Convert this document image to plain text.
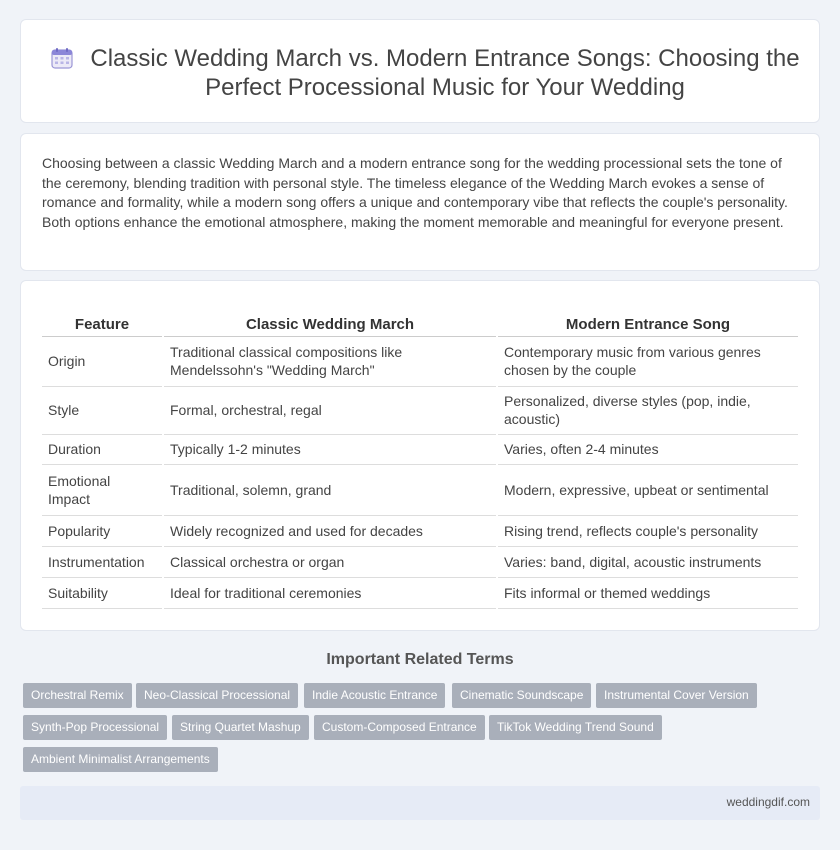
Classic Wedding March vs. Modern Entrance Songs: Choosing the Perfect Processional Music for Your Wedding

Choosing between a classic Wedding March and a modern entrance song for the wedding processional sets the tone of the ceremony, blending tradition with personal style. The timeless elegance of the Wedding March evokes a sense of romance and formality, while a modern song offers a unique and contemporary vibe that reflects the couple's personality. Both options enhance the emotional atmosphere, making the moment memorable and meaningful for everyone present.

Feature	Classic Wedding March	Modern Entrance Song
Origin	Traditional classical compositions like Mendelssohn's "Wedding March"	Contemporary music from various genres chosen by the couple
Style	Formal, orchestral, regal	Personalized, diverse styles (pop, indie, acoustic)
Duration	Typically 1-2 minutes	Varies, often 2-4 minutes
Emotional Impact	Traditional, solemn, grand	Modern, expressive, upbeat or sentimental
Popularity	Widely recognized and used for decades	Rising trend, reflects couple's personality
Instrumentation	Classical orchestra or organ	Varies: band, digital, acoustic instruments
Suitability	Ideal for traditional ceremonies	Fits informal or themed weddings
Important Related Terms
Orchestral Remix	Neo-Classical Processional	Indie Acoustic Entrance	Cinematic Soundscape	Instrumental Cover Version
Synth-Pop Processional	String Quartet Mashup	Custom-Composed Entrance	TikTok Wedding Trend Sound
Ambient Minimalist Arrangements
weddingdif.com
